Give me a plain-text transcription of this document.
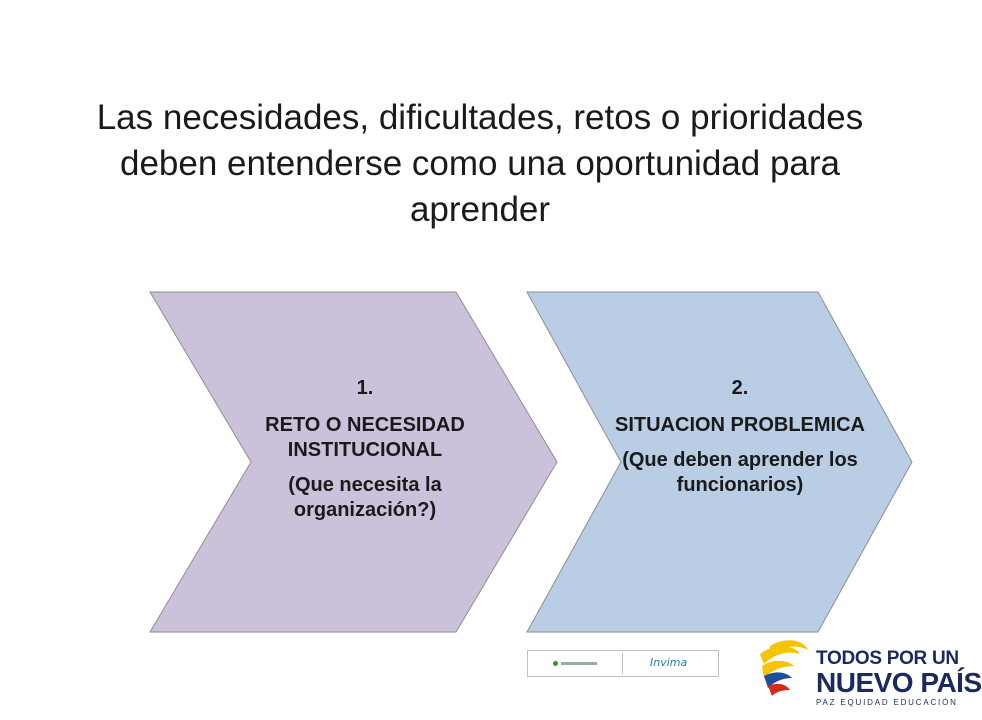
Las necesidades, dificultades, retos o prioridades deben entenderse como una oportunidad para aprender
1.
RETO O NECESIDAD INSTITUCIONAL
(Que necesita la organización?)
2.
SITUACION PROBLEMICA
(Que deben aprender los funcionarios)
Invima	TODOS POR UN
NUEVO PAÍS
PAZ EQUIDAD EDUCACIÓN
